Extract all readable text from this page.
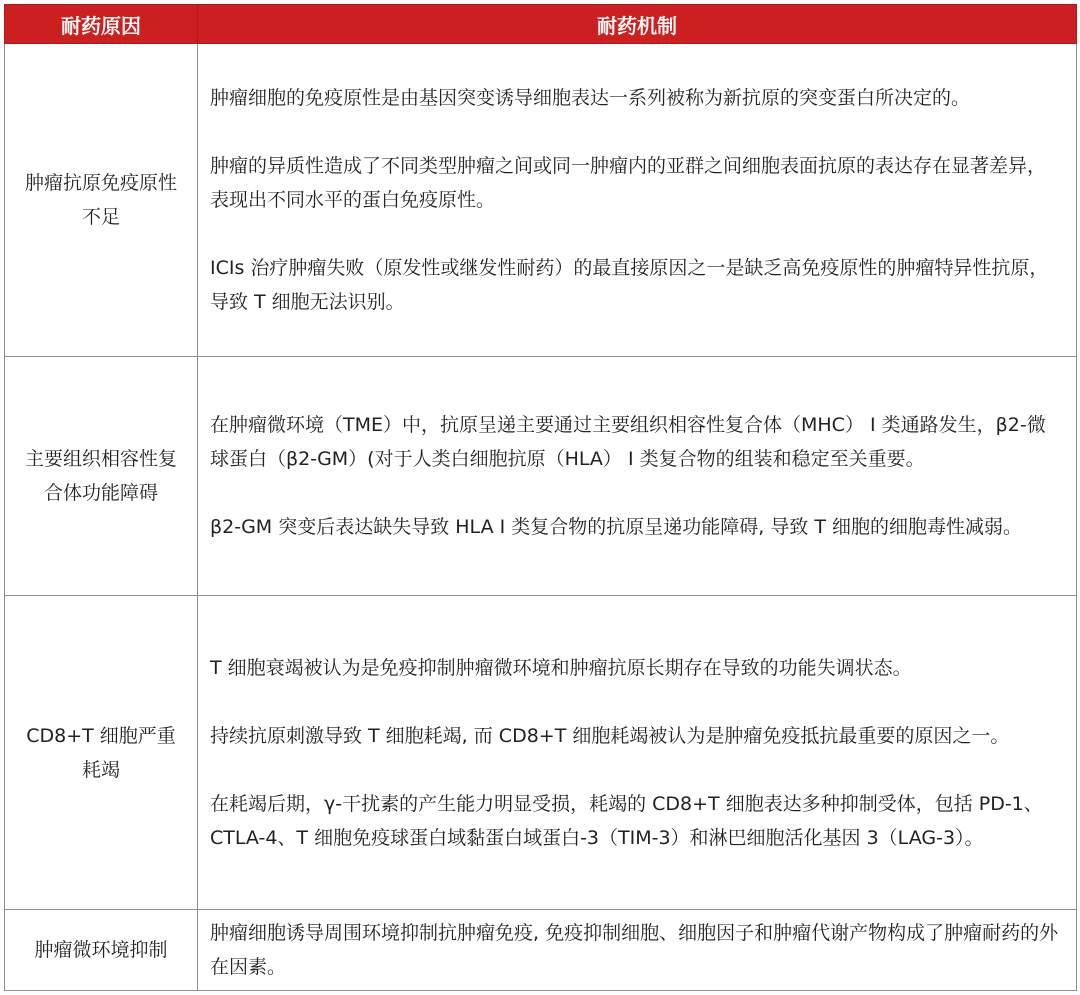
耐药原因	耐药机制
肿瘤抗原免疫原性不足	肿瘤细胞的免疫原性是由基因突变诱导细胞表达一系列被称为新抗原的突变蛋白所决定的。

肿瘤的异质性造成了不同类型肿瘤之间或同一肿瘤内的亚群之间细胞表面抗原的表达存在显著差异，表现出不同水平的蛋白免疫原性。

ICIs 治疗肿瘤失败（原发性或继发性耐药）的最直接原因之一是缺乏高免疫原性的肿瘤特异性抗原，导致 T 细胞无法识别。

主要组织相容性复合体功能障碍	在肿瘤微环境（TME）中，抗原呈递主要通过主要组织相容性复合体（MHC） I 类通路发生，β2-微球蛋白（β2-GM）(对于人类白细胞抗原（HLA） I 类复合物的组装和稳定至关重要。

β2-GM 突变后表达缺失导致 HLA I 类复合物的抗原呈递功能障碍, 导致 T 细胞的细胞毒性减弱。

CD8+T 细胞严重耗竭	T 细胞衰竭被认为是免疫抑制肿瘤微环境和肿瘤抗原长期存在导致的功能失调状态。

持续抗原刺激导致 T 细胞耗竭, 而 CD8+T 细胞耗竭被认为是肿瘤免疫抵抗最重要的原因之一。

在耗竭后期，γ-干扰素的产生能力明显受损，耗竭的 CD8+T 细胞表达多种抑制受体，包括 PD-1、CTLA-4、T 细胞免疫球蛋白域黏蛋白域蛋白-3（TIM-3）和淋巴细胞活化基因 3（LAG-3）。

肿瘤微环境抑制	肿瘤细胞诱导周围环境抑制抗肿瘤免疫, 免疫抑制细胞、细胞因子和肿瘤代谢产物构成了肿瘤耐药的外在因素。
